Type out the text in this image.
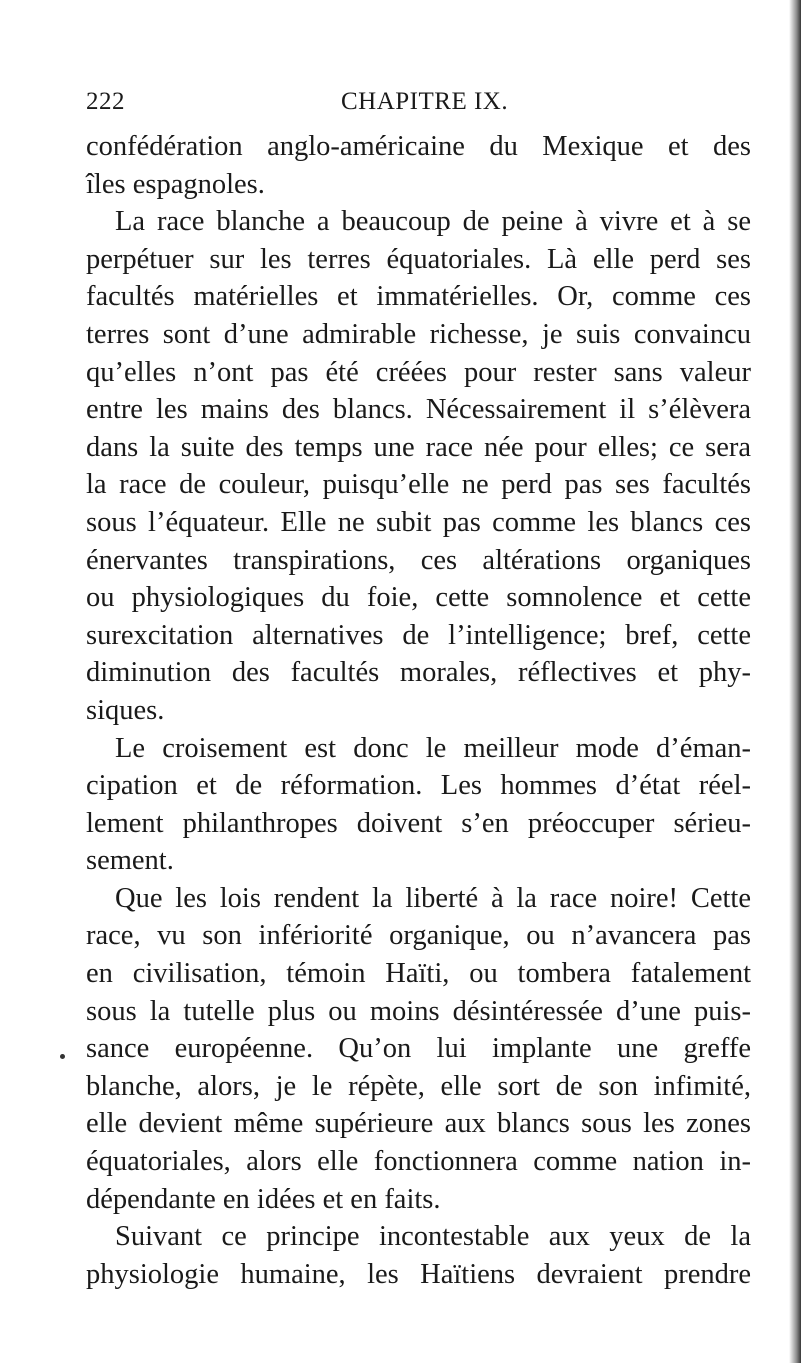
222	CHAPITRE IX.
confédération anglo-américaine du Mexique et des
îles espagnoles.
La race blanche a beaucoup de peine à vivre et à se
perpétuer sur les terres équatoriales. Là elle perd ses
facultés matérielles et immatérielles. Or, comme ces
terres sont d’une admirable richesse, je suis convaincu
qu’elles n’ont pas été créées pour rester sans valeur
entre les mains des blancs. Nécessairement il s’élèvera
dans la suite des temps une race née pour elles; ce sera
la race de couleur, puisqu’elle ne perd pas ses facultés
sous l’équateur. Elle ne subit pas comme les blancs ces
énervantes transpirations, ces altérations organiques
ou physiologiques du foie, cette somnolence et cette
surexcitation alternatives de l’intelligence; bref, cette
diminution des facultés morales, réflectives et phy-
siques.
Le croisement est donc le meilleur mode d’éman-
cipation et de réformation. Les hommes d’état réel-
lement philanthropes doivent s’en préoccuper sérieu-
sement.
Que les lois rendent la liberté à la race noire! Cette
race, vu son infériorité organique, ou n’avancera pas
en civilisation, témoin Haïti, ou tombera fatalement
sous la tutelle plus ou moins désintéressée d’une puis-
sance européenne. Qu’on lui implante une greffe
blanche, alors, je le répète, elle sort de son infimité,
elle devient même supérieure aux blancs sous les zones
équatoriales, alors elle fonctionnera comme nation in-
dépendante en idées et en faits.
Suivant ce principe incontestable aux yeux de la
physiologie humaine, les Haïtiens devraient prendre
